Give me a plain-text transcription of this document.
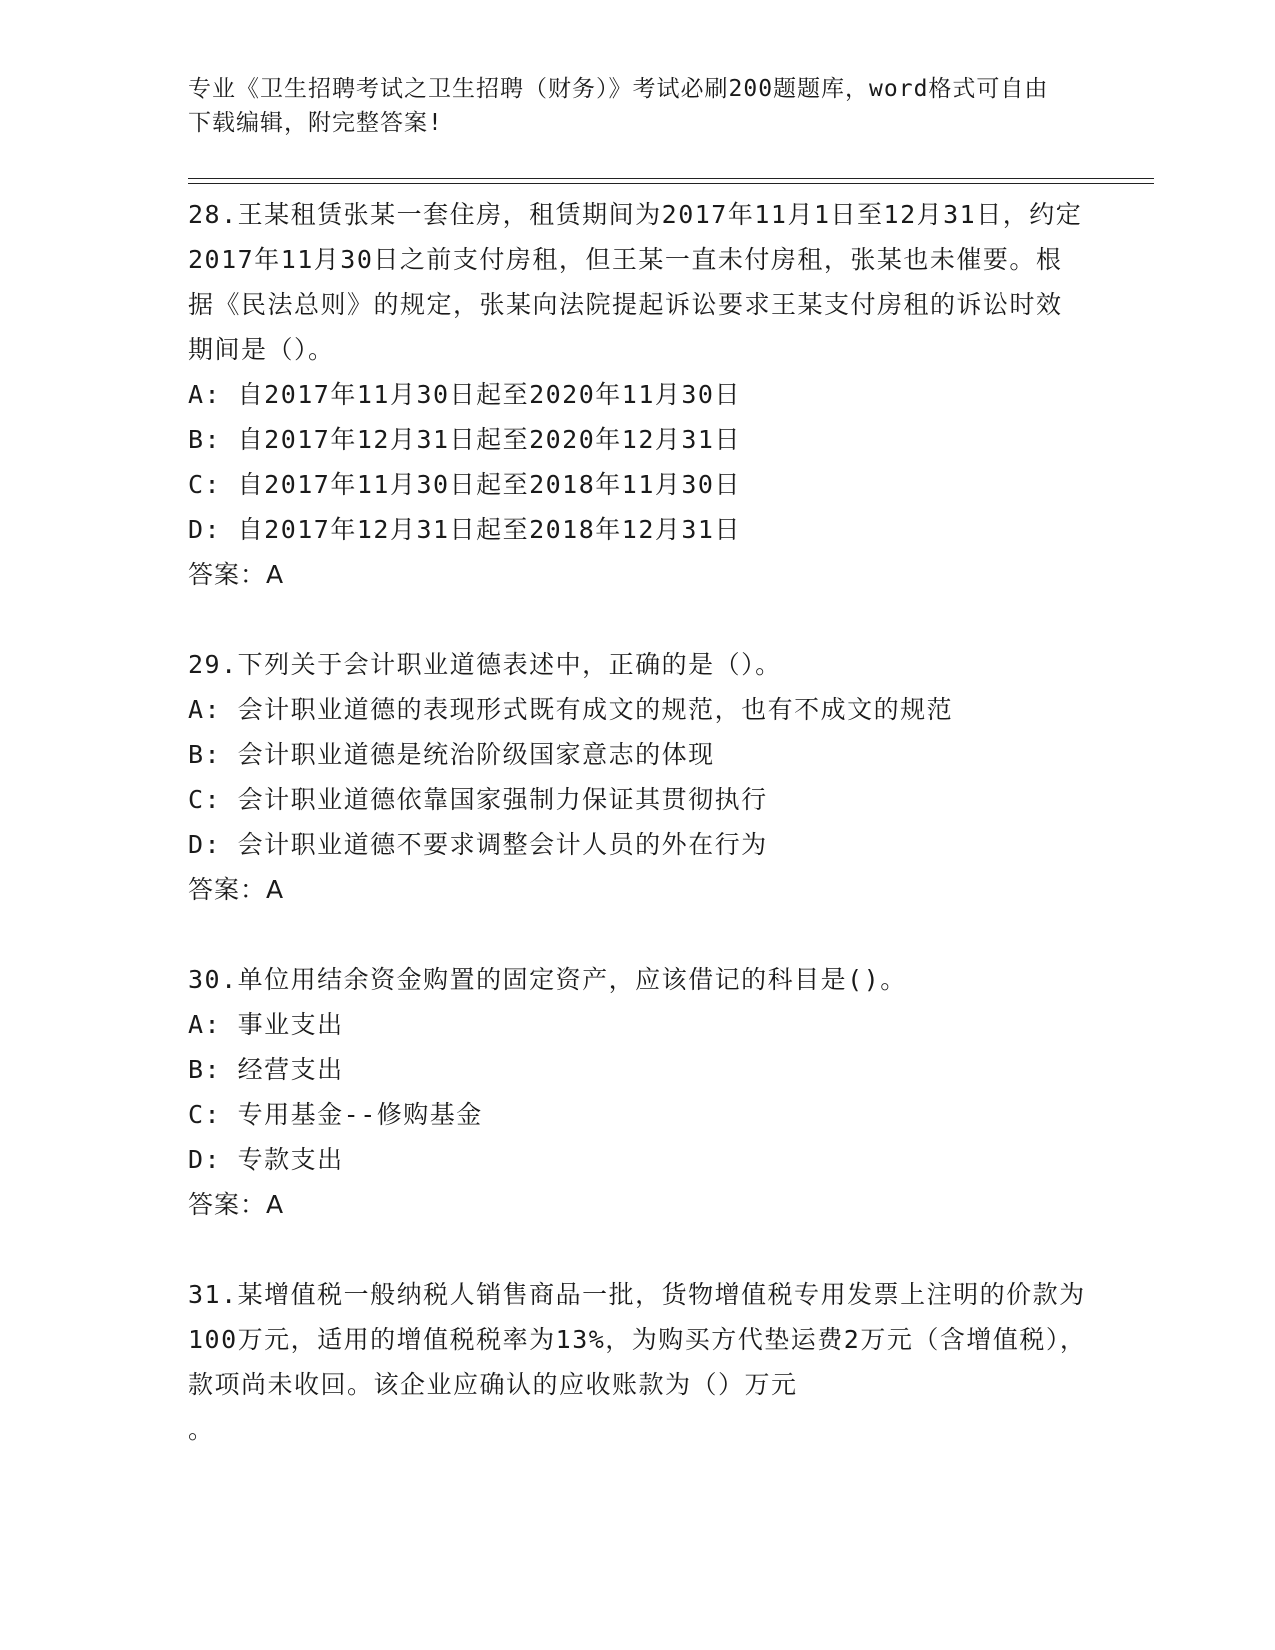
专业《卫生招聘考试之卫生招聘（财务）》考试必刷200题题库，word格式可自由下载编辑，附完整答案!

28.王某租赁张某一套住房，租赁期间为2017年11月1日至12月31日，约定2017年11月30日之前支付房租，但王某一直未付房租，张某也未催要。根据《民法总则》的规定，张某向法院提起诉讼要求王某支付房租的诉讼时效期间是（）。

A: 自2017年11月30日起至2020年11月30日

B: 自2017年12月31日起至2020年12月31日

C: 自2017年11月30日起至2018年11月30日

D: 自2017年12月31日起至2018年12月31日

答案：A

29.下列关于会计职业道德表述中，正确的是（）。

A: 会计职业道德的表现形式既有成文的规范，也有不成文的规范

B: 会计职业道德是统治阶级国家意志的体现

C: 会计职业道德依靠国家强制力保证其贯彻执行

D: 会计职业道德不要求调整会计人员的外在行为

答案：A

30.单位用结余资金购置的固定资产，应该借记的科目是()。

A: 事业支出

B: 经营支出

C: 专用基金--修购基金

D: 专款支出

答案：A

31.某增值税一般纳税人销售商品一批，货物增值税专用发票上注明的价款为100万元，适用的增值税税率为13%，为购买方代垫运费2万元（含增值税），款项尚未收回。该企业应确认的应收账款为（）万元

。
